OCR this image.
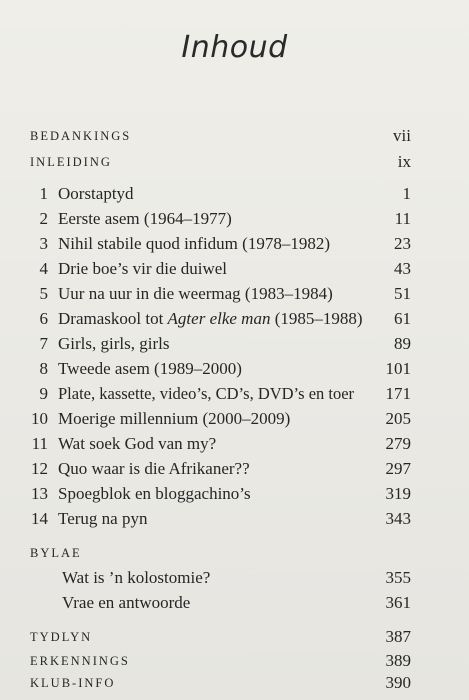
Inhoud
BEDANKINGS	vii
INLEIDING	ix
1 Oorstaptyd	1
2 Eerste asem (1964–1977)	11
3 Nihil stabile quod infidum (1978–1982)	23
4 Drie boe’s vir die duiwel	43
5 Uur na uur in die weermag (1983–1984)	51
6 Dramaskool tot Agter elke man (1985–1988) 61
7 Girls, girls, girls	89
8 Tweede asem (1989–2000)	101
9 Plate, kassette, video’s, CD’s, DVD’s en toer 171
10 Moerige millennium (2000–2009)	205
11 Wat soek God van my?	279
12 Quo waar is die Afrikaner??	297
13 Spoegblok en bloggachino’s	319
14 Terug na pyn	343
BYLAE
Wat is ’n kolostomie?	355
Vrae en antwoorde	361
TYDLYN	387
ERKENNINGS	389
KLUB-INFO	390
